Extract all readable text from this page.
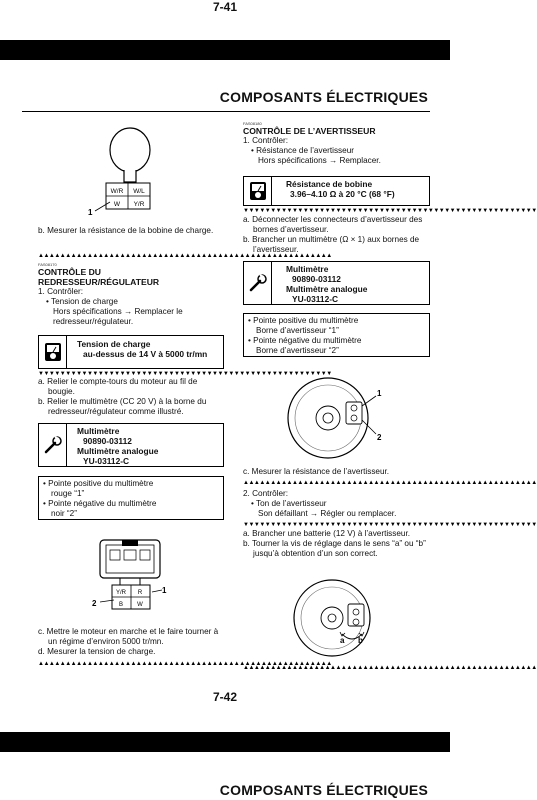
7-41
COMPOSANTS ÉLECTRIQUES
W/R W/L
W Y/R
1

b. Mesurer la résistance de la bobine de charge.

▲▲▲▲▲▲▲▲▲▲▲▲▲▲▲▲▲▲▲▲▲▲▲▲▲▲▲▲▲▲▲▲▲▲▲▲▲▲▲▲▲▲▲▲▲▲▲▲▲▲▲▲▲▲
FAS08170
CONTRÔLE DU
REDRESSEUR/RÉGULATEUR

1. Contrôler:

• Tension de charge

Hors spécifications → Remplacer le redresseur/régulateur.

Tension de charge
au-dessus de 14 V à 5000 tr/mn
▼▼▼▼▼▼▼▼▼▼▼▼▼▼▼▼▼▼▼▼▼▼▼▼▼▼▼▼▼▼▼▼▼▼▼▼▼▼▼▼▼▼▼▼▼▼▼▼▼▼▼▼▼▼

a. Relier le compte-tours du moteur au fil de bougie.

b. Relier le multimètre (CC 20 V) à la borne du redresseur/régulateur comme illustré.

Multimètre
90890-03112
Multimètre analogue
YU-03112-C

• Pointe positive du multimètre

rouge “1”

• Pointe négative du multimètre

noir “2”

Y/R R
B W
1
2

c. Mettre le moteur en marche et le faire tourner à un régime d’environ 5000 tr/mn.

d. Mesurer la tension de charge.

▲▲▲▲▲▲▲▲▲▲▲▲▲▲▲▲▲▲▲▲▲▲▲▲▲▲▲▲▲▲▲▲▲▲▲▲▲▲▲▲▲▲▲▲▲▲▲▲▲▲▲▲▲▲
FAS08180
CONTRÔLE DE L’AVERTISSEUR

1. Contrôler:

• Résistance de l’avertisseur

Hors spécifications → Remplacer.

Résistance de bobine
3.96–4.10 Ω à 20 °C (68 °F)
▼▼▼▼▼▼▼▼▼▼▼▼▼▼▼▼▼▼▼▼▼▼▼▼▼▼▼▼▼▼▼▼▼▼▼▼▼▼▼▼▼▼▼▼▼▼▼▼▼▼▼▼▼▼

a. Déconnecter les connecteurs d’avertisseur des bornes d’avertisseur.

b. Brancher un multimètre (Ω × 1) aux bornes de l’avertisseur.

Multimètre
90890-03112
Multimètre analogue
YU-03112-C

• Pointe positive du multimètre

Borne d’avertisseur “1”

• Pointe négative du multimètre

Borne d’avertisseur “2”

1
2

c. Mesurer la résistance de l’avertisseur.

▲▲▲▲▲▲▲▲▲▲▲▲▲▲▲▲▲▲▲▲▲▲▲▲▲▲▲▲▲▲▲▲▲▲▲▲▲▲▲▲▲▲▲▲▲▲▲▲▲▲▲▲▲▲

2. Contrôler:

• Ton de l’avertisseur

Son défaillant → Régler ou remplacer.

▼▼▼▼▼▼▼▼▼▼▼▼▼▼▼▼▼▼▼▼▼▼▼▼▼▼▼▼▼▼▼▼▼▼▼▼▼▼▼▼▼▼▼▼▼▼▼▼▼▼▼▼▼▼

a. Brancher une batterie (12 V) à l’avertisseur.

b. Tourner la vis de réglage dans le sens “a” ou “b” jusqu’à obtention d’un son correct.

a b
▲▲▲▲▲▲▲▲▲▲▲▲▲▲▲▲▲▲▲▲▲▲▲▲▲▲▲▲▲▲▲▲▲▲▲▲▲▲▲▲▲▲▲▲▲▲▲▲▲▲▲▲▲▲
7-42
COMPOSANTS ÉLECTRIQUES
